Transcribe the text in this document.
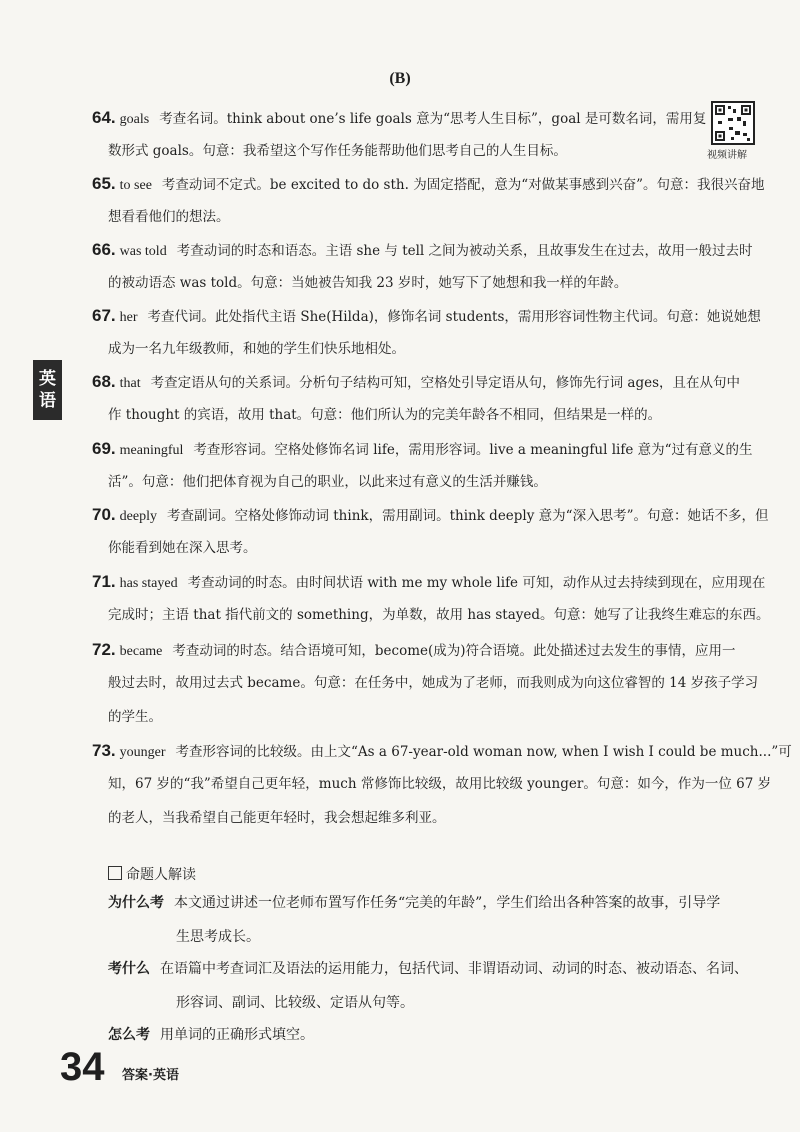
(B)
英
语
视频讲解
64. goals 考查名词。think about one’s life goals 意为“思考人生目标”，goal 是可数名词，需用复
数形式 goals。句意：我希望这个写作任务能帮助他们思考自己的人生目标。
65. to see 考查动词不定式。be excited to do sth. 为固定搭配，意为“对做某事感到兴奋”。句意：我很兴奋地
想看看他们的想法。
66. was told 考查动词的时态和语态。主语 she 与 tell 之间为被动关系，且故事发生在过去，故用一般过去时
的被动语态 was told。句意：当她被告知我 23 岁时，她写下了她想和我一样的年龄。
67. her 考查代词。此处指代主语 She(Hilda)，修饰名词 students，需用形容词性物主代词。句意：她说她想
成为一名九年级教师，和她的学生们快乐地相处。
68. that 考查定语从句的关系词。分析句子结构可知，空格处引导定语从句，修饰先行词 ages，且在从句中
作 thought 的宾语，故用 that。句意：他们所认为的完美年龄各不相同，但结果是一样的。
69. meaningful 考查形容词。空格处修饰名词 life，需用形容词。live a meaningful life 意为“过有意义的生
活”。句意：他们把体育视为自己的职业，以此来过有意义的生活并赚钱。
70. deeply 考查副词。空格处修饰动词 think，需用副词。think deeply 意为“深入思考”。句意：她话不多，但
你能看到她在深入思考。
71. has stayed 考查动词的时态。由时间状语 with me my whole life 可知，动作从过去持续到现在，应用现在
完成时；主语 that 指代前文的 something，为单数，故用 has stayed。句意：她写了让我终生难忘的东西。
72. became 考查动词的时态。结合语境可知，become(成为)符合语境。此处描述过去发生的事情，应用一
般过去时，故用过去式 became。句意：在任务中，她成为了老师，而我则成为向这位睿智的 14 岁孩子学习
的学生。
73. younger 考查形容词的比较级。由上文“As a 67-year-old woman now, when I wish I could be much...”可
知，67 岁的“我”希望自己更年轻，much 常修饰比较级，故用比较级 younger。句意：如今，作为一位 67 岁
的老人，当我希望自己能更年轻时，我会想起维多利亚。
命题人解读
为什么考 本文通过讲述一位老师布置写作任务“完美的年龄”，学生们给出各种答案的故事，引导学
生思考成长。
考什么 在语篇中考查词汇及语法的运用能力，包括代词、非谓语动词、动词的时态、被动语态、名词、
形容词、副词、比较级、定语从句等。
怎么考 用单词的正确形式填空。
34 答案·英语
